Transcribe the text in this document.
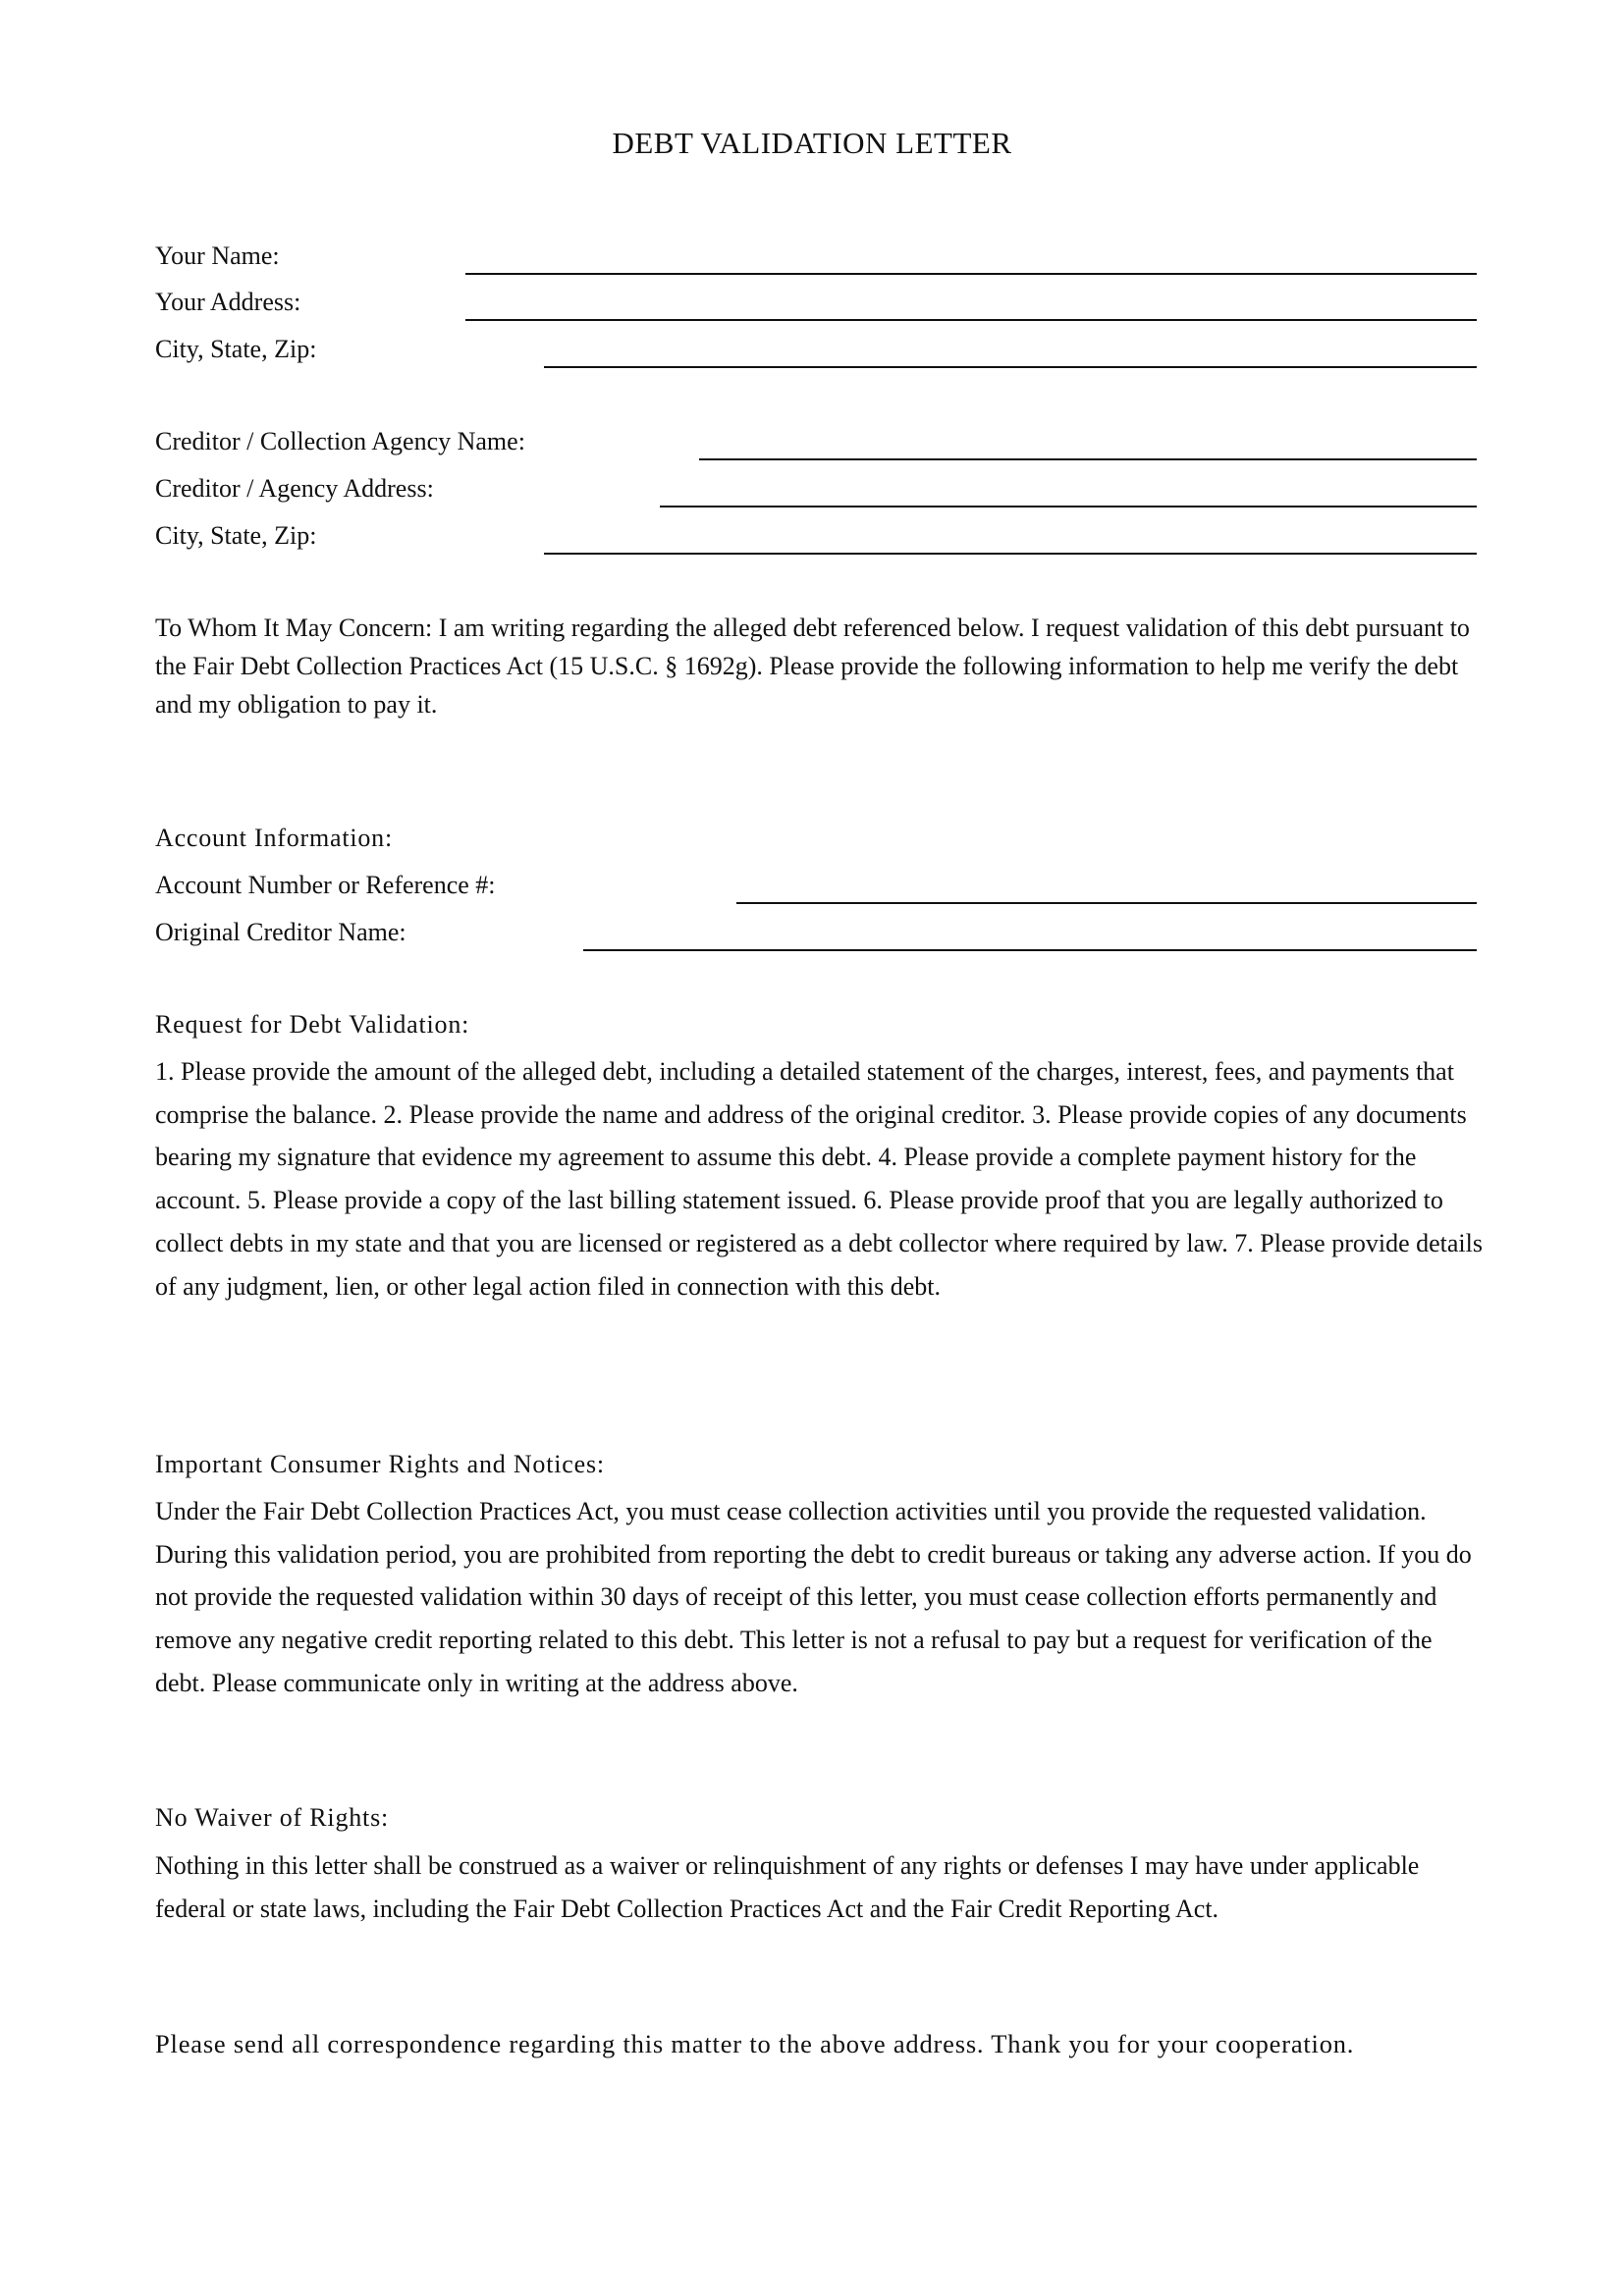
DEBT VALIDATION LETTER
Your Name:
Your Address:
City, State, Zip:
Creditor / Collection Agency Name:
Creditor / Agency Address:
City, State, Zip:

To Whom It May Concern: I am writing regarding the alleged debt referenced below. I request validation of this debt pursuant to the Fair Debt Collection Practices Act (15 U.S.C. § 1692g). Please provide the following information to help me verify the debt and my obligation to pay it.

Account Information:
Account Number or Reference #:
Original Creditor Name:
Request for Debt Validation:

1. Please provide the amount of the alleged debt, including a detailed statement of the charges, interest, fees, and payments that comprise the balance. 2. Please provide the name and address of the original creditor. 3. Please provide copies of any documents bearing my signature that evidence my agreement to assume this debt. 4. Please provide a complete payment history for the account. 5. Please provide a copy of the last billing statement issued. 6. Please provide proof that you are legally authorized to collect debts in my state and that you are licensed or registered as a debt collector where required by law. 7. Please provide details of any judgment, lien, or other legal action filed in connection with this debt.

Important Consumer Rights and Notices:

Under the Fair Debt Collection Practices Act, you must cease collection activities until you provide the requested validation. During this validation period, you are prohibited from reporting the debt to credit bureaus or taking any adverse action. If you do not provide the requested validation within 30 days of receipt of this letter, you must cease collection efforts permanently and remove any negative credit reporting related to this debt. This letter is not a refusal to pay but a request for verification of the debt. Please communicate only in writing at the address above.

No Waiver of Rights:

Nothing in this letter shall be construed as a waiver or relinquishment of any rights or defenses I may have under applicable federal or state laws, including the Fair Debt Collection Practices Act and the Fair Credit Reporting Act.

Please send all correspondence regarding this matter to the above address. Thank you for your cooperation.
